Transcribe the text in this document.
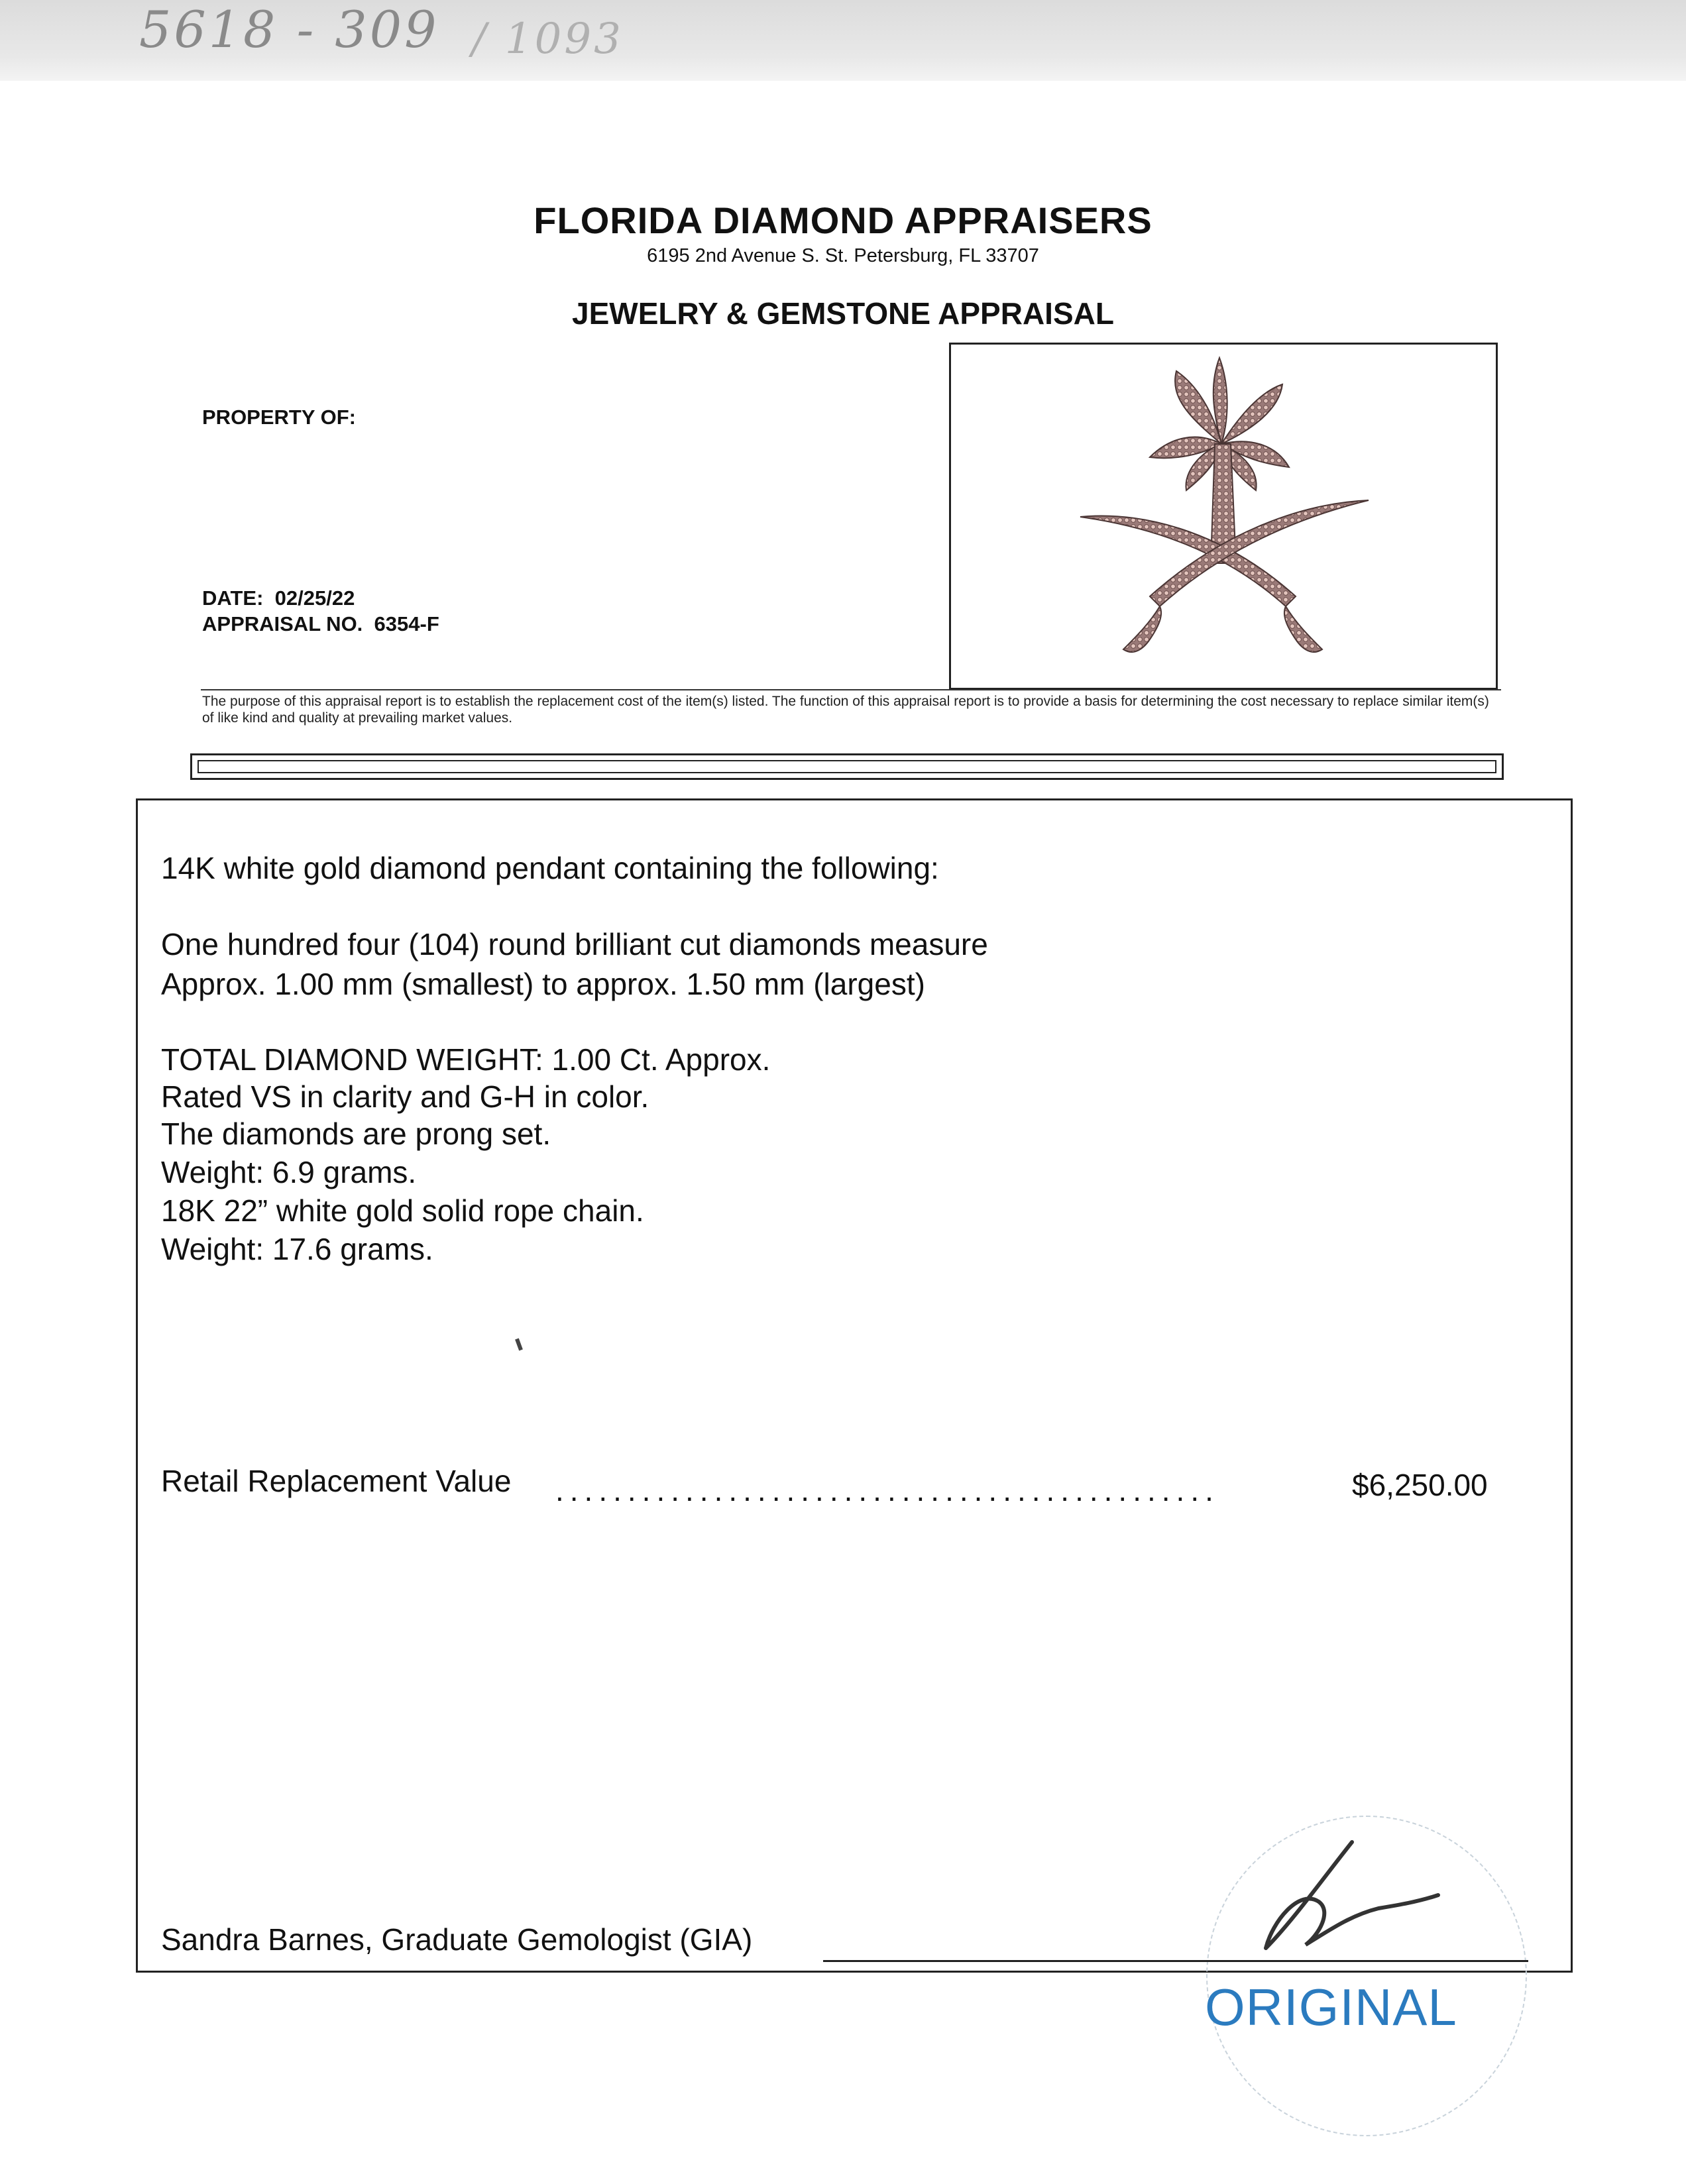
5618 - 309 / 1093
FLORIDA DIAMOND APPRAISERS
6195 2nd Avenue S. St. Petersburg, FL 33707
JEWELRY & GEMSTONE APPRAISAL
PROPERTY OF:
DATE: 02/25/22
APPRAISAL NO. 6354-F
The purpose of this appraisal report is to establish the replacement cost of the item(s) listed. The function of this appraisal report is to provide a basis for determining the cost necessary to replace similar item(s) of like kind and quality at prevailing market values.
14K white gold diamond pendant containing the following:
One hundred four (104) round brilliant cut diamonds measure
Approx. 1.00 mm (smallest) to approx. 1.50 mm (largest)
TOTAL DIAMOND WEIGHT: 1.00 Ct. Approx.
Rated VS in clarity and G-H in color.
The diamonds are prong set.
Weight: 6.9 grams.
18K 22” white gold solid rope chain.
Weight: 17.6 grams.
Retail Replacement Value ..............................................	$6,250.00
Sandra Barnes, Graduate Gemologist (GIA)
ORIGINAL
